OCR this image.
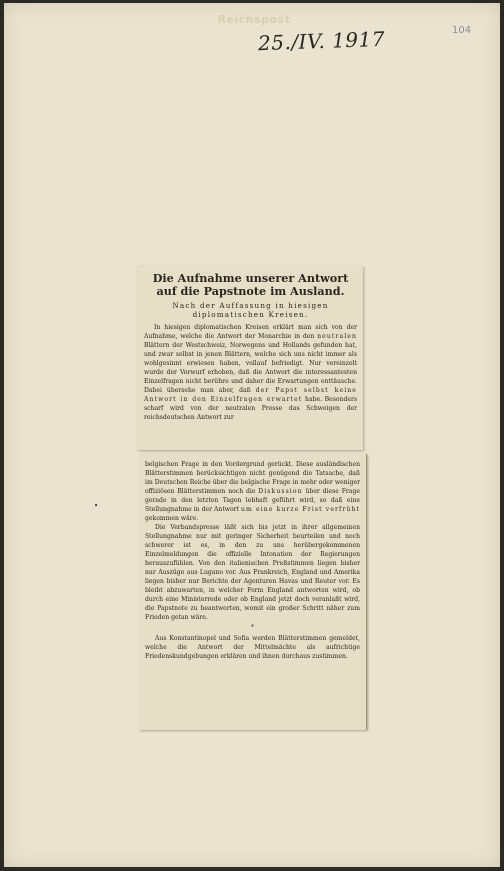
Reichspost
25./IV. 1917	104
•
Die Aufnahme unserer Antwort
auf die Papstnote im Ausland.
Nach der Auffassung in hiesigen
diplomatischen Kreisen.

In hiesigen diplomatischen Kreisen erklärt man sich von der Aufnahme, welche die Antwort der Monarchie in den neutralen Blättern der Westschweiz, Norwegens und Hollands gefunden hat, und zwar selbst in jenen Blättern, welche sich uns nicht immer als wohlgesinnt erwiesen haben, vollauf befriedigt. Nur vereinzelt wurde der Vorwurf erhoben, daß die Antwort die interessantesten Einzelfragen nicht berühre und daher die Erwartungen enttäusche. Dabei übersehe man aber, daß der Papst selbst keine Antwort in den Einzelfragen erwartet habe. Besonders scharf wird von der neutralen Presse das Schweigen der reichsdeutschen Antwort zur

belgischen Frage in den Vordergrund gerückt. Diese ausländischen Blätterstimmen berücksichtigen nicht genügend die Tatsache, daß im Deutschen Reiche über die belgische Frage in mehr oder weniger offiziösen Blätterstimmen noch die Diskussion über diese Frage gerade in den letzten Tagen lebhaft geführt wird, so daß eine Stellungnahme in der Antwort um eine kurze Frist verfrüht gekommen wäre.

Die Verbandspresse läßt sich bis jetzt in ihrer allgemeinen Stellungnahme nur mit geringer Sicherheit beurteilen und noch schwerer ist es, in den zu uns herübergekommenen Einzelmeldungen die offizielle Intonation der Regierungen herauszufühlen. Von den italienischen Preßstimmen liegen bisher nur Auszüge aus Lugano vor. Aus Frankreich, England und Amerika liegen bisher nur Berichte der Agenturen Havas und Reuter vor. Es bleibt abzuwarten, in welcher Form England antworten wird, ob durch eine Ministerrede oder ob England jetzt doch veranlaßt wird, die Papstnote zu beantworten, womit ein großer Schritt näher zum Frieden getan wäre.

*

Aus Konstantinopel und Sofia werden Blätterstimmen gemeldet, welche die Antwort der Mittelmächte als aufrichtige Friedenskundgebungen erklären und ihnen durchaus zustimmen.
